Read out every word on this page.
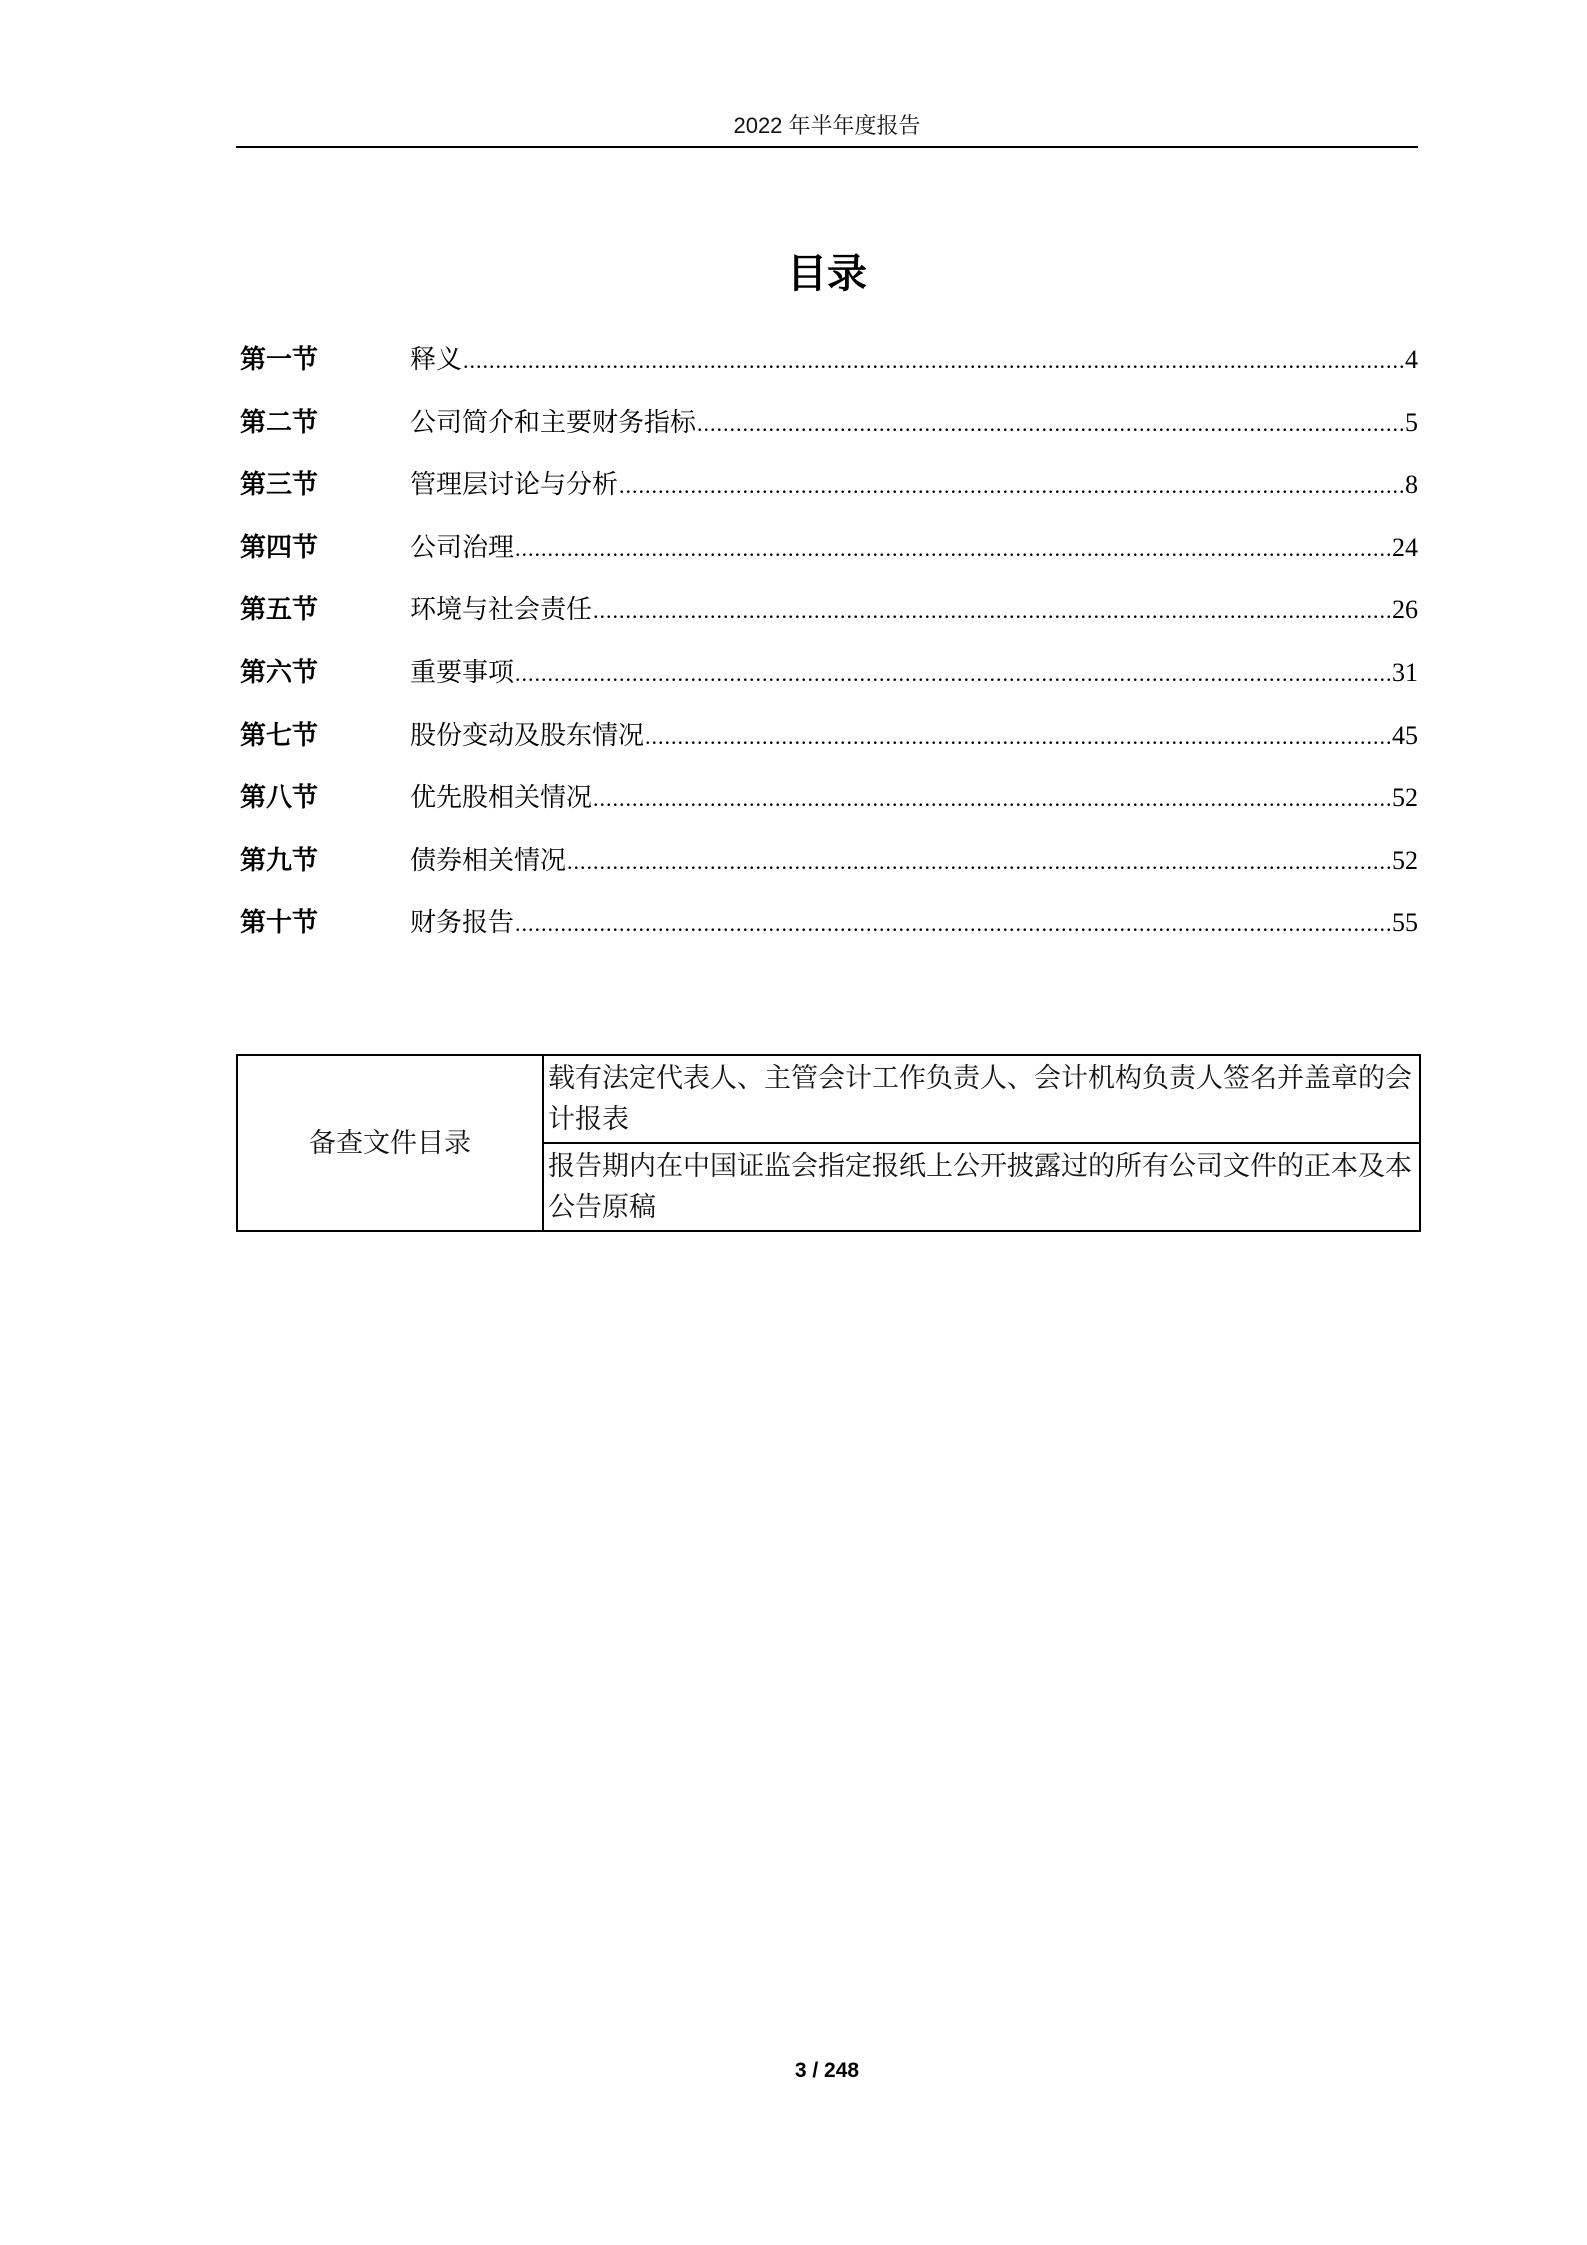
2022 年半年度报告
目录
第一节	释义 .....	4
第二节	公司简介和主要财务指标 .....	5
第三节	管理层讨论与分析 .....	8
第四节	公司治理 .....	24
第五节	环境与社会责任 .....	26
第六节	重要事项 .....	31
第七节	股份变动及股东情况 .....	45
第八节	优先股相关情况 .....	52
第九节	债券相关情况 .....	52
第十节	财务报告 .....	55
备查文件目录	载有法定代表人、主管会计工作负责人、会计机构负责人签名并盖章的会计报表
报告期内在中国证监会指定报纸上公开披露过的所有公司文件的正本及本公告原稿
3 / 248
